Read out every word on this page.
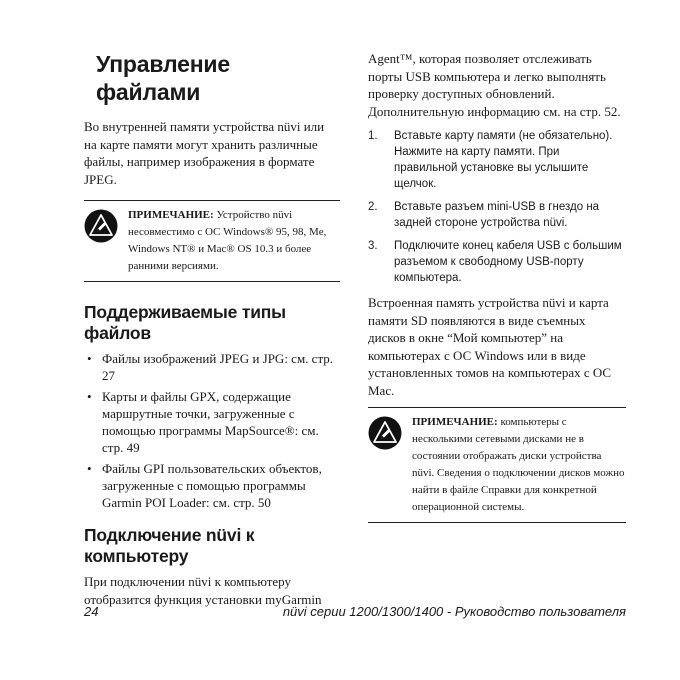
Управление файлами

Во внутренней памяти устройства nüvi или на карте памяти могут хранить различные файлы, например изображения в формате JPEG.

ПРИМЕЧАНИЕ: Устройство nüvi несовместимо с ОС Windows® 95, 98, Me, Windows NT® и Mac® OS 10.3 и более ранними версиями.

Поддерживаемые типы файлов
• Файлы изображений JPEG и JPG: см. стр. 27
• Карты и файлы GPX, содержащие маршрутные точки, загруженные с помощью программы MapSource®: см. стр. 49
• Файлы GPI пользовательских объектов, загруженные с помощью программы Garmin POI Loader: см. стр. 50
Подключение nüvi к компьютеру

При подключении nüvi к компьютеру отобразится функция установки myGarmin

Agent™, которая позволяет отслеживать порты USB компьютера и легко выполнять проверку доступных обновлений. Дополнительную информацию см. на стр. 52.

1. Вставьте карту памяти (не обязательно). Нажмите на карту памяти. При правильной установке вы услышите щелчок.
2. Вставьте разъем mini-USB в гнездо на задней стороне устройства nüvi.
3. Подключите конец кабеля USB с большим разъемом к свободному USB-порту компьютера.

Встроенная память устройства nüvi и карта памяти SD появляются в виде съемных дисков в окне “Мой компьютер” на компьютерах с ОС Windows или в виде установленных томов на компьютерах с ОС Mac.

ПРИМЕЧАНИЕ: компьютеры с несколькими сетевыми дисками не в состоянии отображать диски устройства nüvi. Сведения о подключении дисков можно найти в файле Справки для конкретной операционной системы.

24	nüvi серии 1200/1300/1400 - Руководство пользователя
